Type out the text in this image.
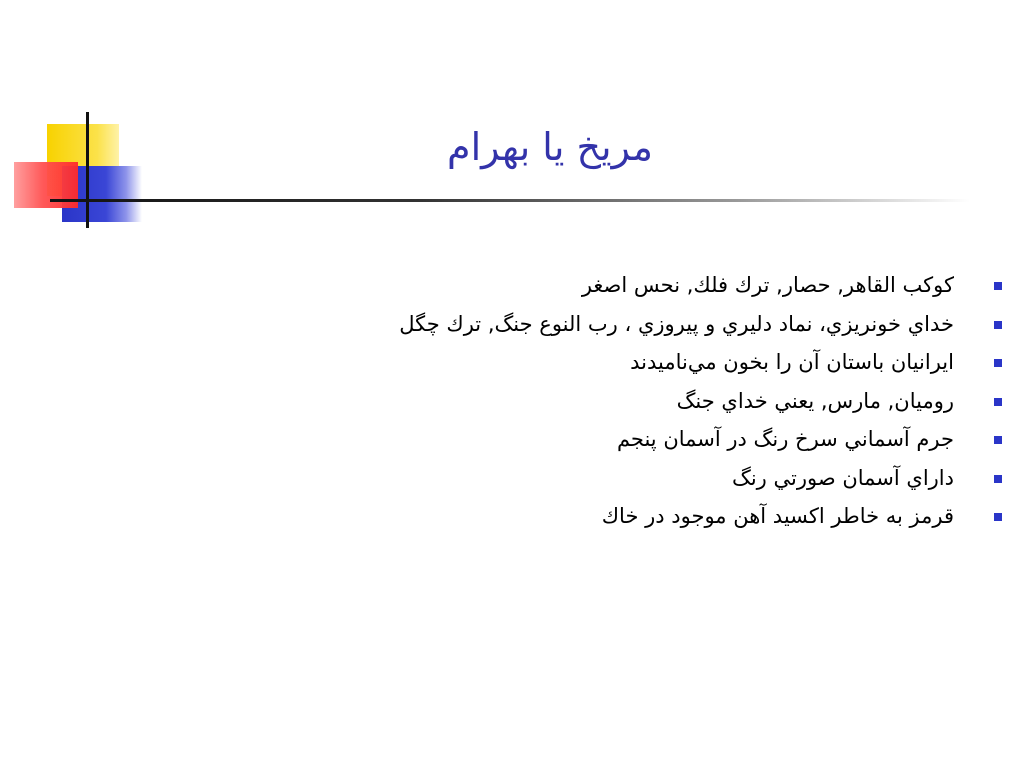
مريخ يا بهرام
كوكب القاهر, حصار, ترك فلك, نحس اصغر
خداي خونريزي، نماد دليري و پيروزي ، رب النوع جنگ, ترك چگل
ايرانيان باستان آن را بخون مي‌ناميدند
روميان, مارس, يعني خداي جنگ
جرم آسماني سرخ رنگ در آسمان پنجم
داراي آسمان صورتي رنگ
قرمز به خاطر اكسيد آهن موجود در خاك
